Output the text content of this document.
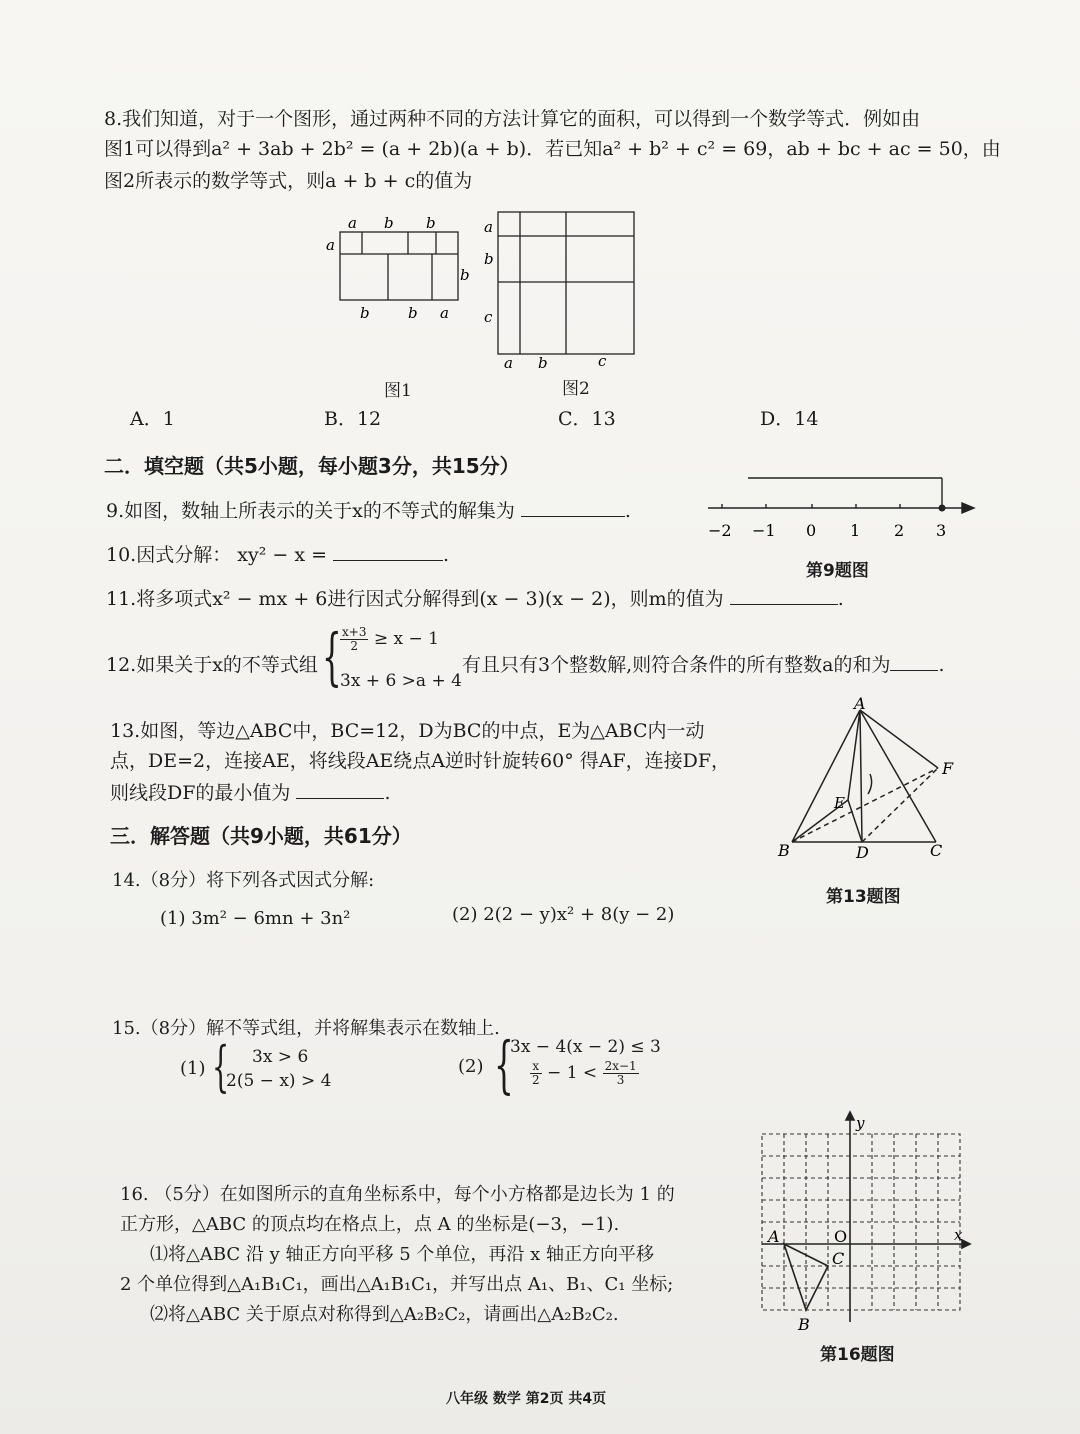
8.我们知道，对于一个图形，通过两种不同的方法计算它的面积，可以得到一个数学等式．例如由
图1可以得到a² + 3ab + 2b² = (a + 2b)(a + b)．若已知a² + b² + c² = 69，ab + bc + ac = 50，由
图2所表示的数学等式，则a + b + c的值为
a b b
a
b
b	b a
图1
a
b
c
a b	c
图2
A．1	B．12	C．13	D．14
二．填空题（共5小题，每小题3分，共15分）
9.如图，数轴上所表示的关于x的不等式的解集为	.
−2 −1 0 1 2 3
第9题图
10.因式分解： xy² − x =	.
11.将多项式x² − mx + 6进行因式分解得到(x − 3)(x − 2)，则m的值为	.
12.如果关于x的不等式组 {
$\frac{x+3}{2} \ge x - 1$
3x + 6 >a + 4
有且只有3个整数解,则符合条件的所有整数a的和为	.
13.如图，等边△ABC中，BC=12，D为BC的中点，E为△ABC内一动
点，DE=2，连接AE，将线段AE绕点A逆时针旋转60° 得AF，连接DF，
则线段DF的最小值为	.
A
B	C
D
E
F
第13题图
三．解答题（共9小题，共61分）
14.（8分）将下列各式因式分解:
(1) 3m² − 6mn + 3n²	(2) 2(2 − y)x² + 8(y − 2)
15.（8分）解不等式组，并将解集表示在数轴上.
(1) { 3x > 6
2(5 − x) > 4
(2) {
3x − 4(x − 2) ≤ 3
$\frac{x}{2} - 1 < \frac{2x-1}{3}$
16. （5分）在如图所示的直角坐标系中，每个小方格都是边长为 1 的
正方形，△ABC 的顶点均在格点上，点 A 的坐标是(−3，−1).
⑴将△ABC 沿 y 轴正方向平移 5 个单位，再沿 x 轴正方向平移
2 个单位得到△A₁B₁C₁，画出△A₁B₁C₁，并写出点 A₁、B₁、C₁ 坐标;
⑵将△ABC 关于原点对称得到△A₂B₂C₂，请画出△A₂B₂C₂.
y
x
A	O
C
B
第16题图
八年级 数学 第2页 共4页
